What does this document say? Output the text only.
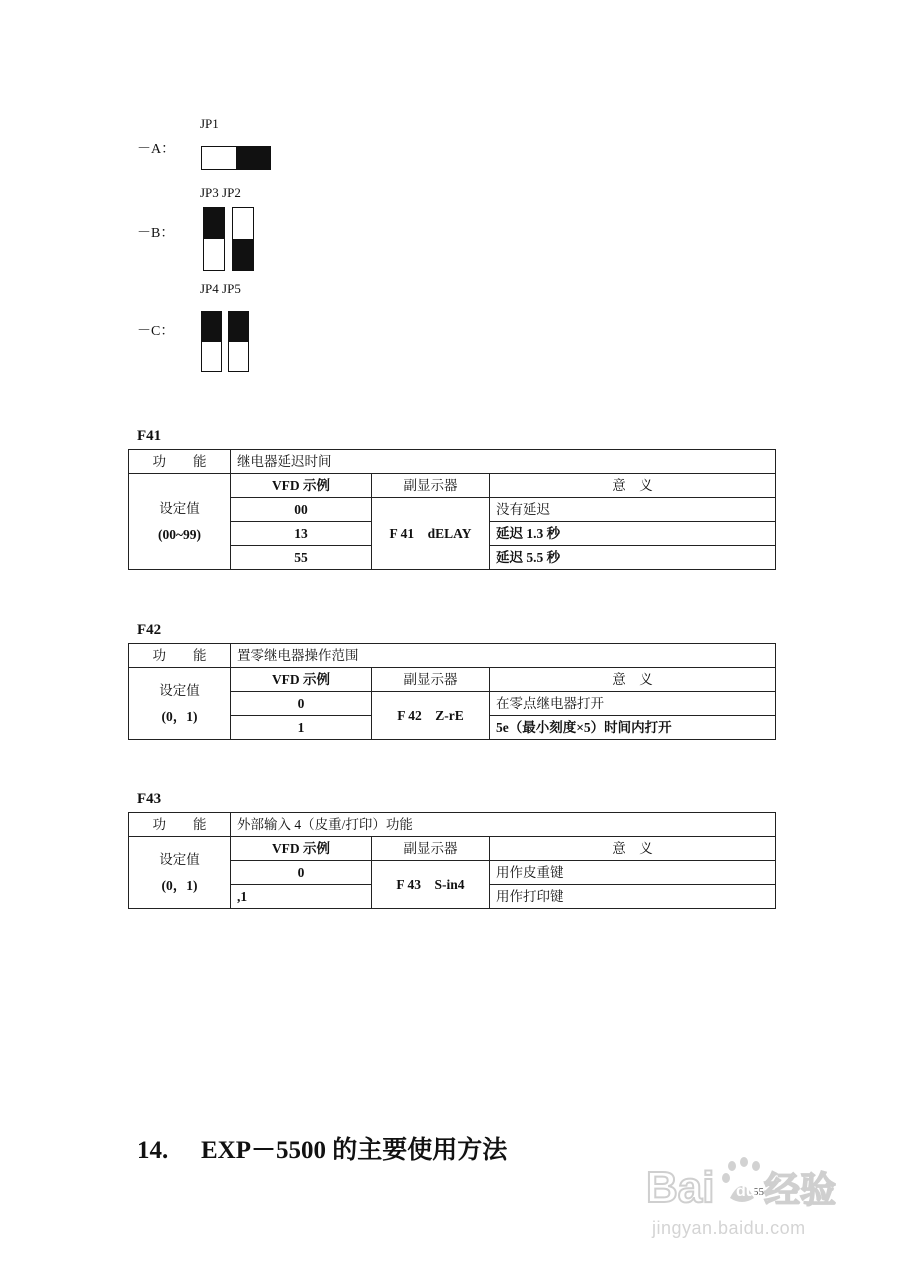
JP1
－A：
JP3 JP2
－B：
JP4 JP5
－C：
F41
功　　能	继电器延迟时间		
设定值
(00~99)	VFD 示例	副显示器	意　义
	00	F 41　dELAY	没有延迟
	13		延迟 1.3 秒
	55		延迟 5.5 秒
F42
功　　能	置零继电器操作范围		
设定值
(0，1)	VFD 示例	副显示器	意　义
	0	F 42　Z-rE	在零点继电器打开
	1		5e（最小刻度×5）时间内打开
F43
功　　能	外部输入 4（皮重/打印）功能		
设定值
(0，1)	VFD 示例	副显示器	意　义
	0	F 43　S-in4	用作皮重键
	,1		用作打印键
14. EXP－5500 的主要使用方法
55
Bai du 经验
jingyan.baidu.com
